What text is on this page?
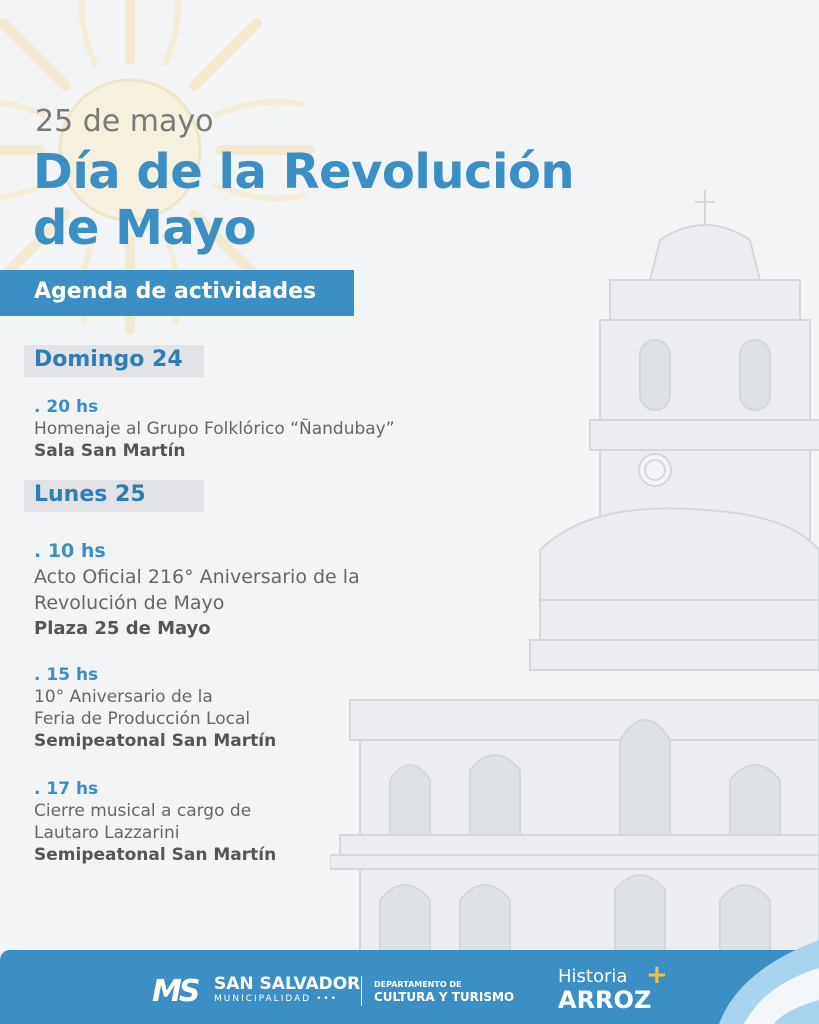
25 de mayo
Día de la Revolución
de Mayo
Agenda de actividades
Domingo 24
. 20 hs
Homenaje al Grupo Folklórico “Ñandubay”
Sala San Martín
Lunes 25
. 10 hs
Acto Oficial 216° Aniversario de la
Revolución de Mayo
Plaza 25 de Mayo
. 15 hs
10° Aniversario de la
Feria de Producción Local
Semipeatonal San Martín
. 17 hs
Cierre musical a cargo de
Lautaro Lazzarini
Semipeatonal San Martín
MS SAN SALVADOR
MUNICIPALIDAD •••
DEPARTAMENTO DE
CULTURA Y TURISMO
Historia +
ARROZ
